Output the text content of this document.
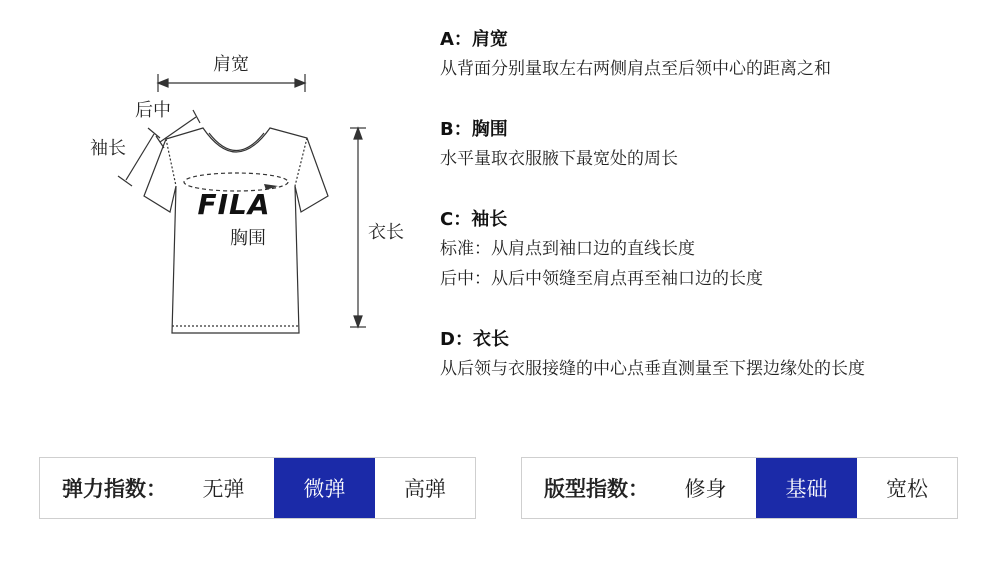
FILA
肩宽
后中
袖长
胸围	衣长
A：肩宽
从背面分别量取左右两侧肩点至后领中心的距离之和
B：胸围
水平量取衣服腋下最宽处的周长
C：袖长
标准：从肩点到袖口边的直线长度
后中：从后中领缝至肩点再至袖口边的长度
D：衣长
从后领与衣服接缝的中心点垂直测量至下摆边缘处的长度
弹力指数：	无弹	微弹	高弹	版型指数：	修身	基础	宽松
